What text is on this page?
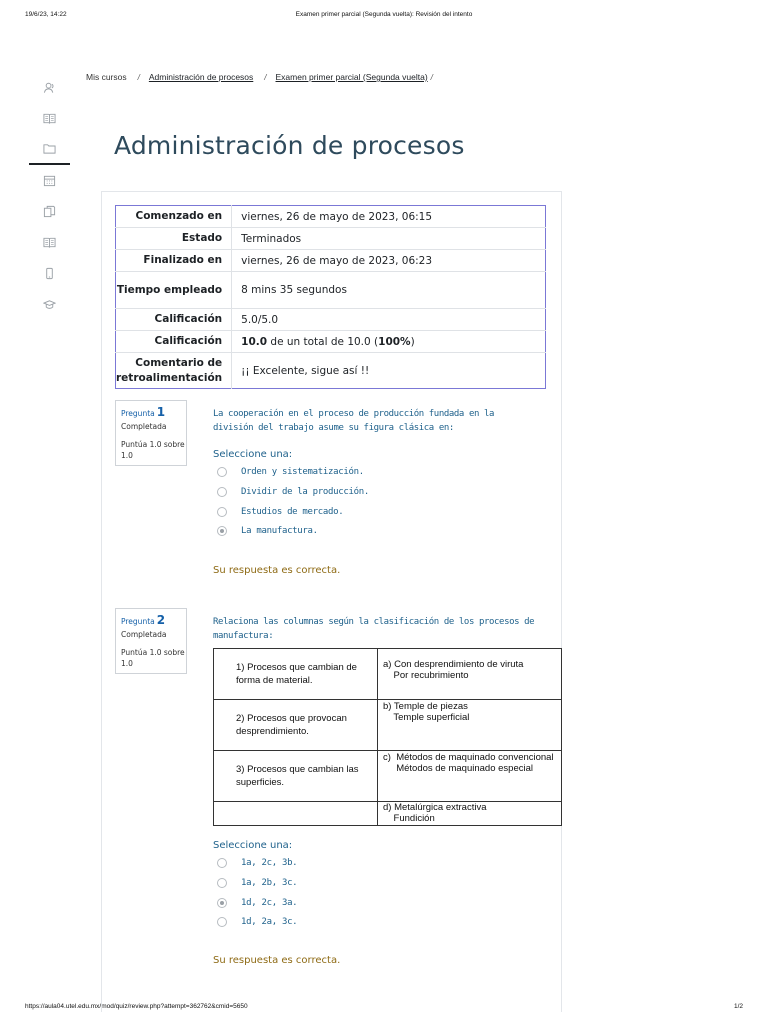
19/6/23, 14:22	Examen primer parcial (Segunda vuelta): Revisión del intento
https://aula04.utel.edu.mx/mod/quiz/review.php?attempt=362762&cmid=5650	1/2
Mis cursos / Administración de procesos / Examen primer parcial (Segunda vuelta) /
Administración de procesos
Comenzado en	viernes, 26 de mayo de 2023, 06:15
Estado	Terminados
Finalizado en	viernes, 26 de mayo de 2023, 06:23
Tiempo empleado	8 mins 35 segundos
Calificación	5.0/5.0
Calificación	10.0 de un total de 10.0 (100%)
Comentario de retroalimentación	¡¡ Excelente, sigue así !!
Pregunta 1
Completada
Puntúa 1.0 sobre 1.0
La cooperación en el proceso de producción fundada en la división del trabajo asume su figura clásica en:
Seleccione una:
Orden y sistematización.
Dividir de la producción.
Estudios de mercado.
La manufactura.
Su respuesta es correcta.
Pregunta 2
Completada
Puntúa 1.0 sobre 1.0
Relaciona las columnas según la clasificación de los procesos de manufactura:
1) Procesos que cambian de forma de material.	a) Con desprendimiento de viruta
Por recubrimiento

2) Procesos que provocan desprendimiento.	b) Temple de piezas
Temple superficial

3) Procesos que cambian las superficies.	c)  Métodos de maquinado convencional
Métodos de maquinado especial

	d) Metalúrgica extractiva
Fundición
Seleccione una:
1a, 2c, 3b.
1a, 2b, 3c.
1d, 2c, 3a.
1d, 2a, 3c.
Su respuesta es correcta.
